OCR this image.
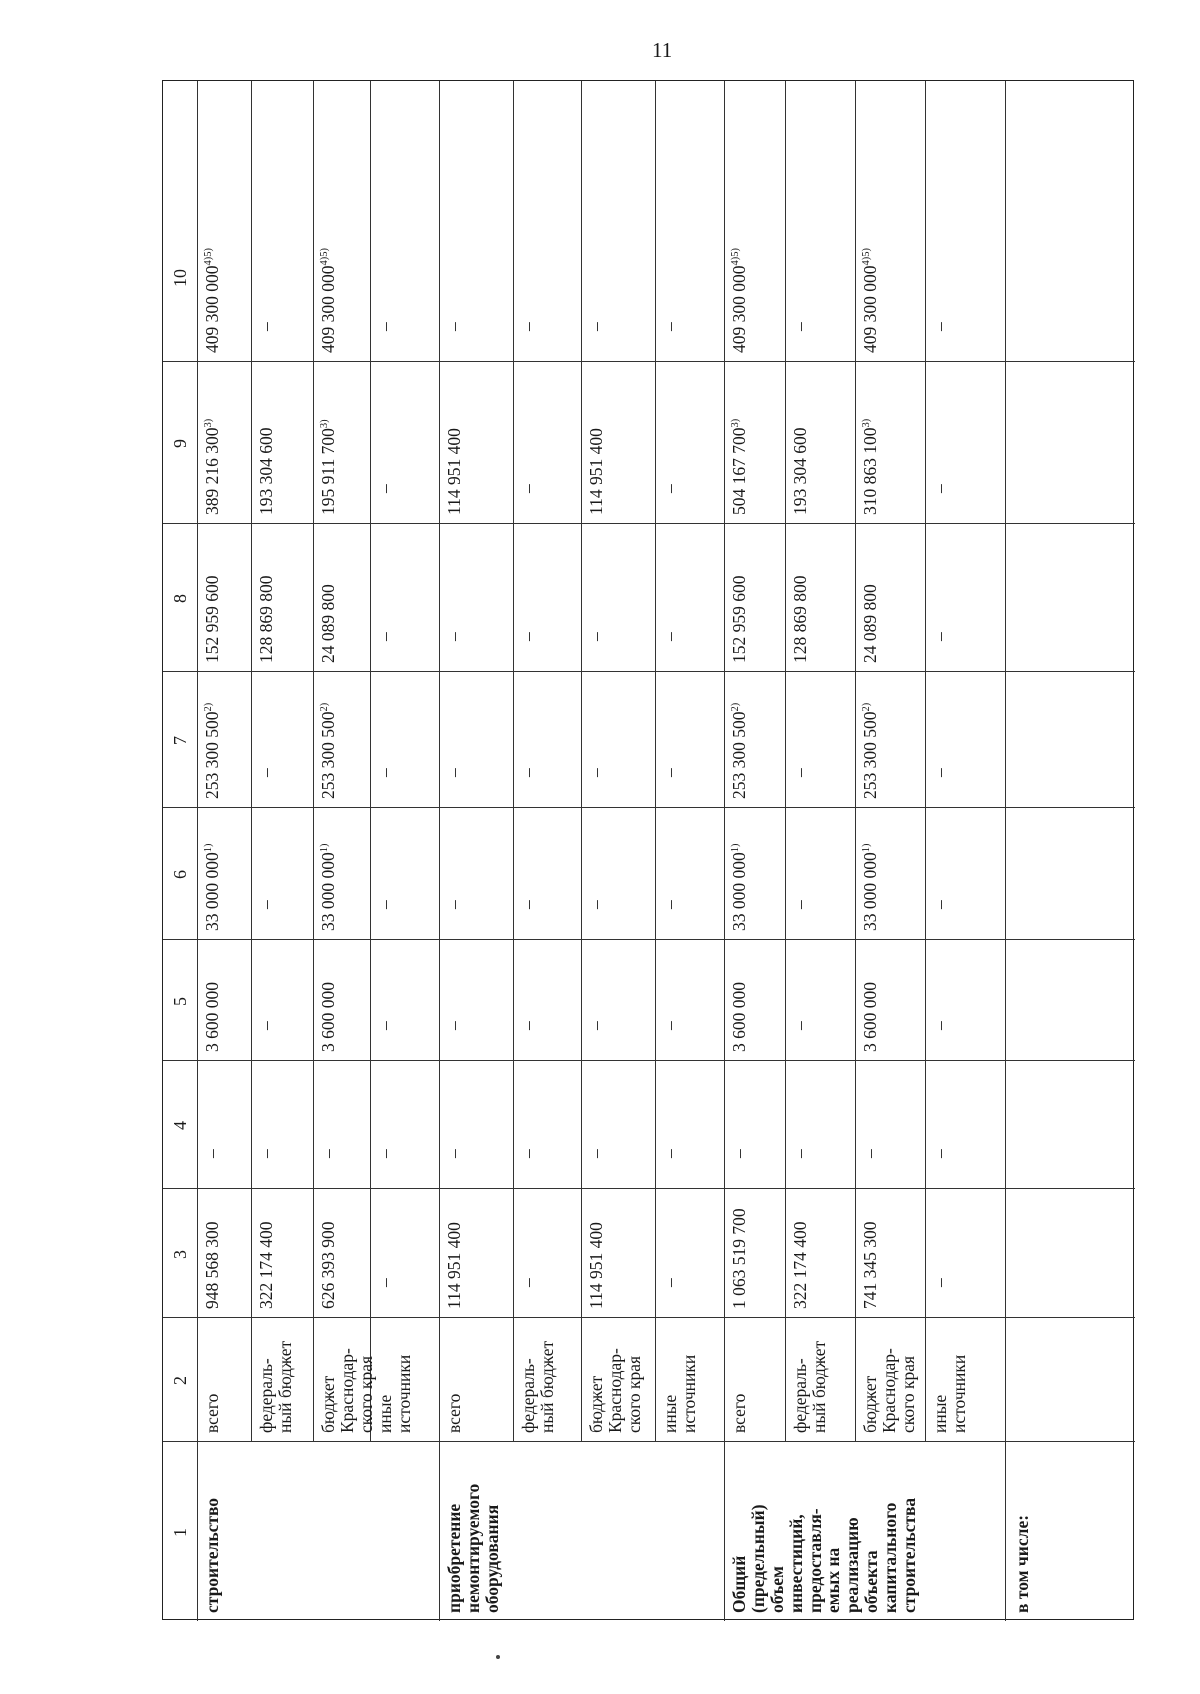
11
1
2
3
4
5
6
7
8
9
10
строительство
всего
948 568 300
–
3 600 000
33 000 000$^{1)}$
253 300 500$^{2)}$
152 959 600
389 216 300$^{3)}$
409 300 $000^{4)5)}$
федераль-
ный бюджет
322 174 400
–
–
–
–
128 869 800
193 304 600
–
бюджет
Краснодар-
ского края
626 393 900
–
3 600 000
33 000 000$^{1)}$
253 300 500$^{2)}$
24 089 800
195 911 700$^{3)}$
409 300 $000^{4)5)}$
иные
источники
–
–
–
–
–
–
–
–
приобретение
немонтируемого
оборудования
всего
114 951 400
–
–
–
–
–
114 951 400
–
федераль-
ный бюджет
–
–
–
–
–
–
–
–
бюджет
Краснодар-
ского края
114 951 400
–
–
–
–
–
114 951 400
–
иные
источники
–
–
–
–
–
–
–
–
Общий
(предельный)
объем
инвестиций,
предоставля-
емых на
реализацию
объекта
капитального
строительства
всего
1 063 519 700
–
3 600 000
33 000 000$^{1)}$
253 300 500$^{2)}$
152 959 600
504 167 700$^{3)}$
409 300 $000^{4)5)}$
федераль-
ный бюджет
322 174 400
–
–
–
–
128 869 800
193 304 600
–
бюджет
Краснодар-
ского края
741 345 300
–
3 600 000
33 000 000$^{1)}$
253 300 500$^{2)}$
24 089 800
310 863 100$^{3)}$
409 300 $000^{4)5)}$
иные
источники
–
–
–
–
–
–
–
–
в том числе:
